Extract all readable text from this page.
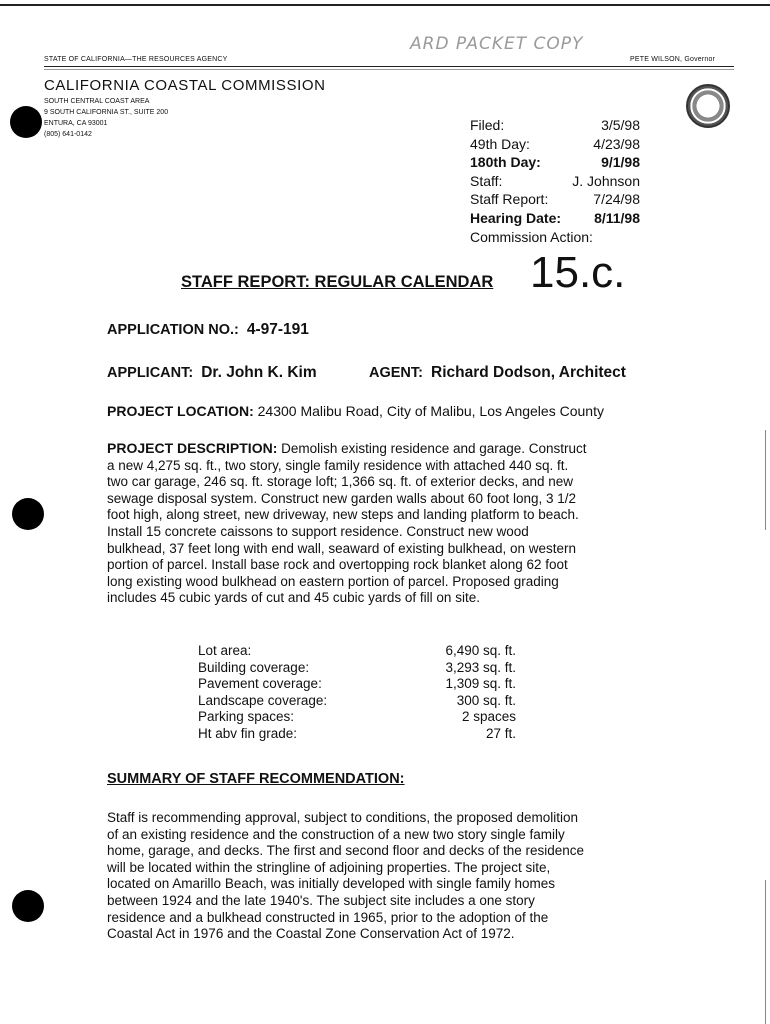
STATE OF CALIFORNIA—THE RESOURCES AGENCY
ARD PACKET COPY
PETE WILSON, Governor
CALIFORNIA COASTAL COMMISSION
SOUTH CENTRAL COAST AREA
9 SOUTH CALIFORNIA ST., SUITE 200
ENTURA, CA 93001
(805) 641-0142
Filed:	3/5/98
49th Day:	4/23/98
180th Day:	9/1/98
Staff:	J. Johnson
Staff Report:	7/24/98
Hearing Date: 8/11/98
Commission Action:
STAFF REPORT: REGULAR CALENDAR 15.c.
APPLICATION NO.: 4-97-191
APPLICANT: Dr. John K. Kim	AGENT: Richard Dodson, Architect
PROJECT LOCATION: 24300 Malibu Road, City of Malibu, Los Angeles County
PROJECT DESCRIPTION: Demolish existing residence and garage. Construct
a new 4,275 sq. ft., two story, single family residence with attached 440 sq. ft.
two car garage, 246 sq. ft. storage loft; 1,366 sq. ft. of exterior decks, and new
sewage disposal system. Construct new garden walls about 60 foot long, 3 1/2
foot high, along street, new driveway, new steps and landing platform to beach.
Install 15 concrete caissons to support residence. Construct new wood
bulkhead, 37 feet long with end wall, seaward of existing bulkhead, on western
portion of parcel. Install base rock and overtopping rock blanket along 62 foot
long existing wood bulkhead on eastern portion of parcel. Proposed grading
includes 45 cubic yards of cut and 45 cubic yards of fill on site.
Lot area:	6,490 sq. ft.
Building coverage:	3,293 sq. ft.
Pavement coverage:	1,309 sq. ft.
Landscape coverage:	300 sq. ft.
Parking spaces:	2 spaces
Ht abv fin grade:	27 ft.
SUMMARY OF STAFF RECOMMENDATION:
Staff is recommending approval, subject to conditions, the proposed demolition
of an existing residence and the construction of a new two story single family
home, garage, and decks. The first and second floor and decks of the residence
will be located within the stringline of adjoining properties. The project site,
located on Amarillo Beach, was initially developed with single family homes
between 1924 and the late 1940's. The subject site includes a one story
residence and a bulkhead constructed in 1965, prior to the adoption of the
Coastal Act in 1976 and the Coastal Zone Conservation Act of 1972.
